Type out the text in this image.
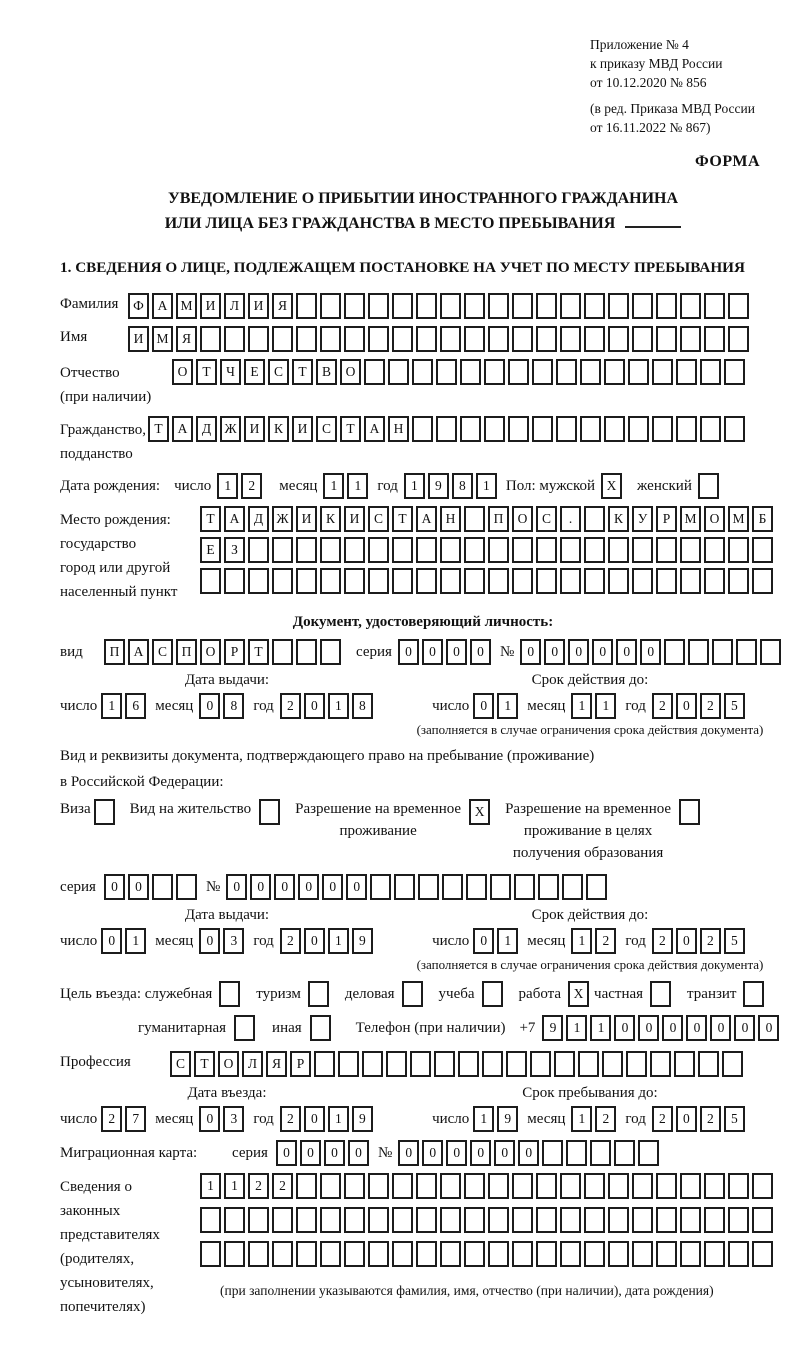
Приложение № 4
к приказу МВД России
от 10.12.2020 № 856
(в ред. Приказа МВД России
от 16.11.2022 № 867)
ФОРМА
УВЕДОМЛЕНИЕ О ПРИБЫТИИ ИНОСТРАННОГО ГРАЖДАНИНА
ИЛИ ЛИЦА БЕЗ ГРАЖДАНСТВА В МЕСТО ПРЕБЫВАНИЯ
1. СВЕДЕНИЯ О ЛИЦЕ, ПОДЛЕЖАЩЕМ ПОСТАНОВКЕ НА УЧЕТ ПО МЕСТУ ПРЕБЫВАНИЯ
Фамилия	Ф	А М И	Л	И	Я
Имя	И М Я
Отчество
(при наличии)
О	Т	Ч	Е	С	Т	В	О
Гражданство,
подданство
Т	А	Д Ж И	К	И	С	Т	А	Н
Дата рождения: число 1	2	месяц 1	1	год 1	9	8	1	Пол: мужской X	женский
Место рождения:
государство
город или другой
населенный пункт
Т	А	Д Ж И	К	И	С	Т	А	Н	П	О	С	.	К	У	Р	М О М	Б
Е	З
Документ, удостоверяющий личность:
вид	П	А	С	П	О	Р	Т	серия 0	0	0	0	№ 0	0	0	0	0	0
Дата выдачи:
число 1	6	месяц 0	8	год 2	0	1	8
Срок действия до:
число 0	1	месяц 1	1	год 2	0	2	5
(заполняется в случае ограничения срока действия документа)
Вид и реквизиты документа, подтверждающего право на пребывание (проживание)
в Российской Федерации:
Виза	Вид на жительство	Разрешение на временное
проживание
X	Разрешение на временное
проживание в целях
получения образования
серия	0	0	№ 0	0	0	0	0	0
Дата выдачи:
число 0	1	месяц 0	3	год 2	0	1	9
Срок действия до:
число 0	1	месяц 1	2	год 2	0	2	5
(заполняется в случае ограничения срока действия документа)
Цель въезда: служебная	туризм	деловая	учеба	работа X частная	транзит
гуманитарная	иная	Телефон (при наличии) +7	9	1	1	0	0	0	0	0	0	0
Профессия	С	Т	О	Л	Я	Р
Дата въезда:
число 2	7	месяц 0	3	год 2	0	1	9
Срок пребывания до:
число 1	9	месяц 1	2	год 2	0	2	5
Миграционная карта:	серия	0	0	0	0	№ 0	0	0	0	0	0
Сведения о
законных
представителях
(родителях,
усыновителях,
попечителях)
1	1	2	2
(при заполнении указываются фамилия, имя, отчество (при наличии), дата рождения)
